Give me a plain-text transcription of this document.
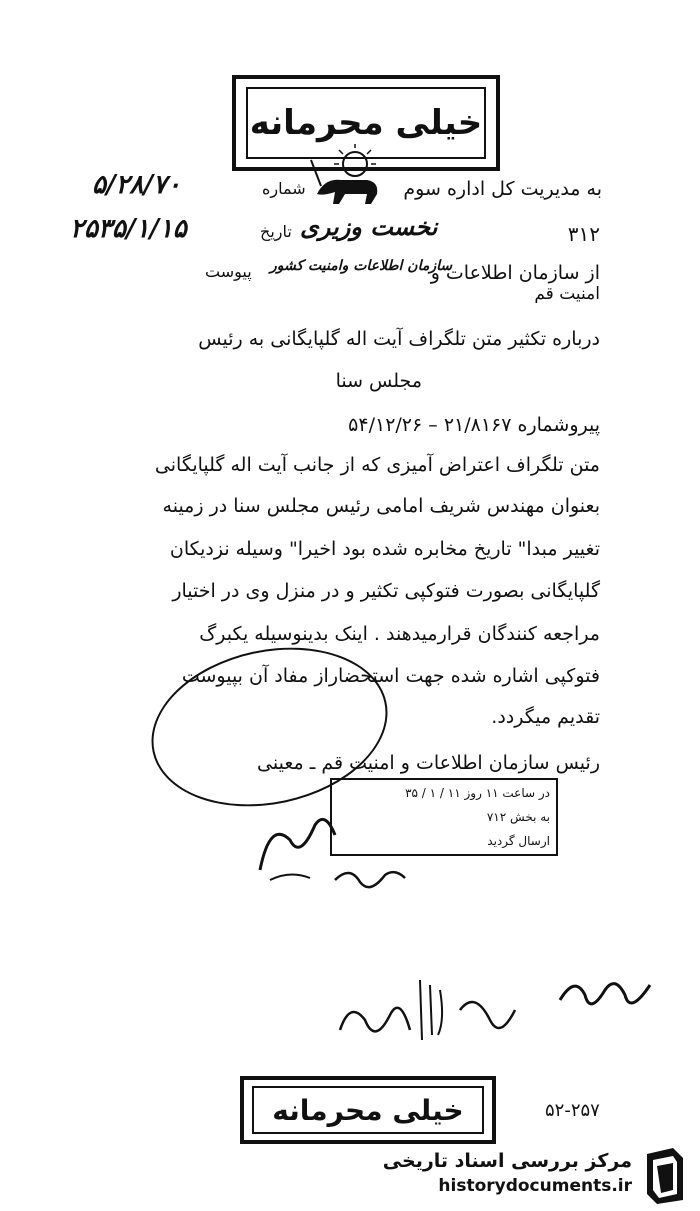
خیلی محرمانه
به مدیریت کل اداره سوم
شماره
۵/۲۸/۷۰
تاریخ
۲۵۳۵/۱/۱۵	نخست وزیری
سازمان اطلاعات وامنیت کشور
۳۱۲
از سازمان اطلاعات و
امنیت قم
پیوست
درباره تکثیر متن تلگراف آیت اله گلپایگانی به رئیس
مجلس سنا
پیروشماره ۲۱/۸۱۶۷ – ۵۴/۱۲/۲۶
متن تلگراف اعتراض آمیزی که از جانب آیت اله گلپایگانی
بعنوان مهندس شریف امامی رئیس مجلس سنا در زمینه
تغییر مبدا" تاریخ مخابره شده بود اخیرا" وسیله نزدیکان
گلپایگانی بصورت فتوکپی تکثیر و در منزل وی در اختیار
مراجعه کنندگان قرارمیدهند . اینک بدینوسیله یکبرگ
فتوکپی اشاره شده جهت استحضاراز مفاد آن بپیوست
تقدیم میگردد.
رئیس سازمان اطلاعات و امنیت قم ـ معینی
در ساعت ۱۱ روز ۱۱ / ۱ / ۳۵
به بخش ۷۱۲
ارسال گردید
خیلی محرمانه	۵۲-۲۵۷
مرکز بررسی اسناد تاریخی
historydocuments.ir
